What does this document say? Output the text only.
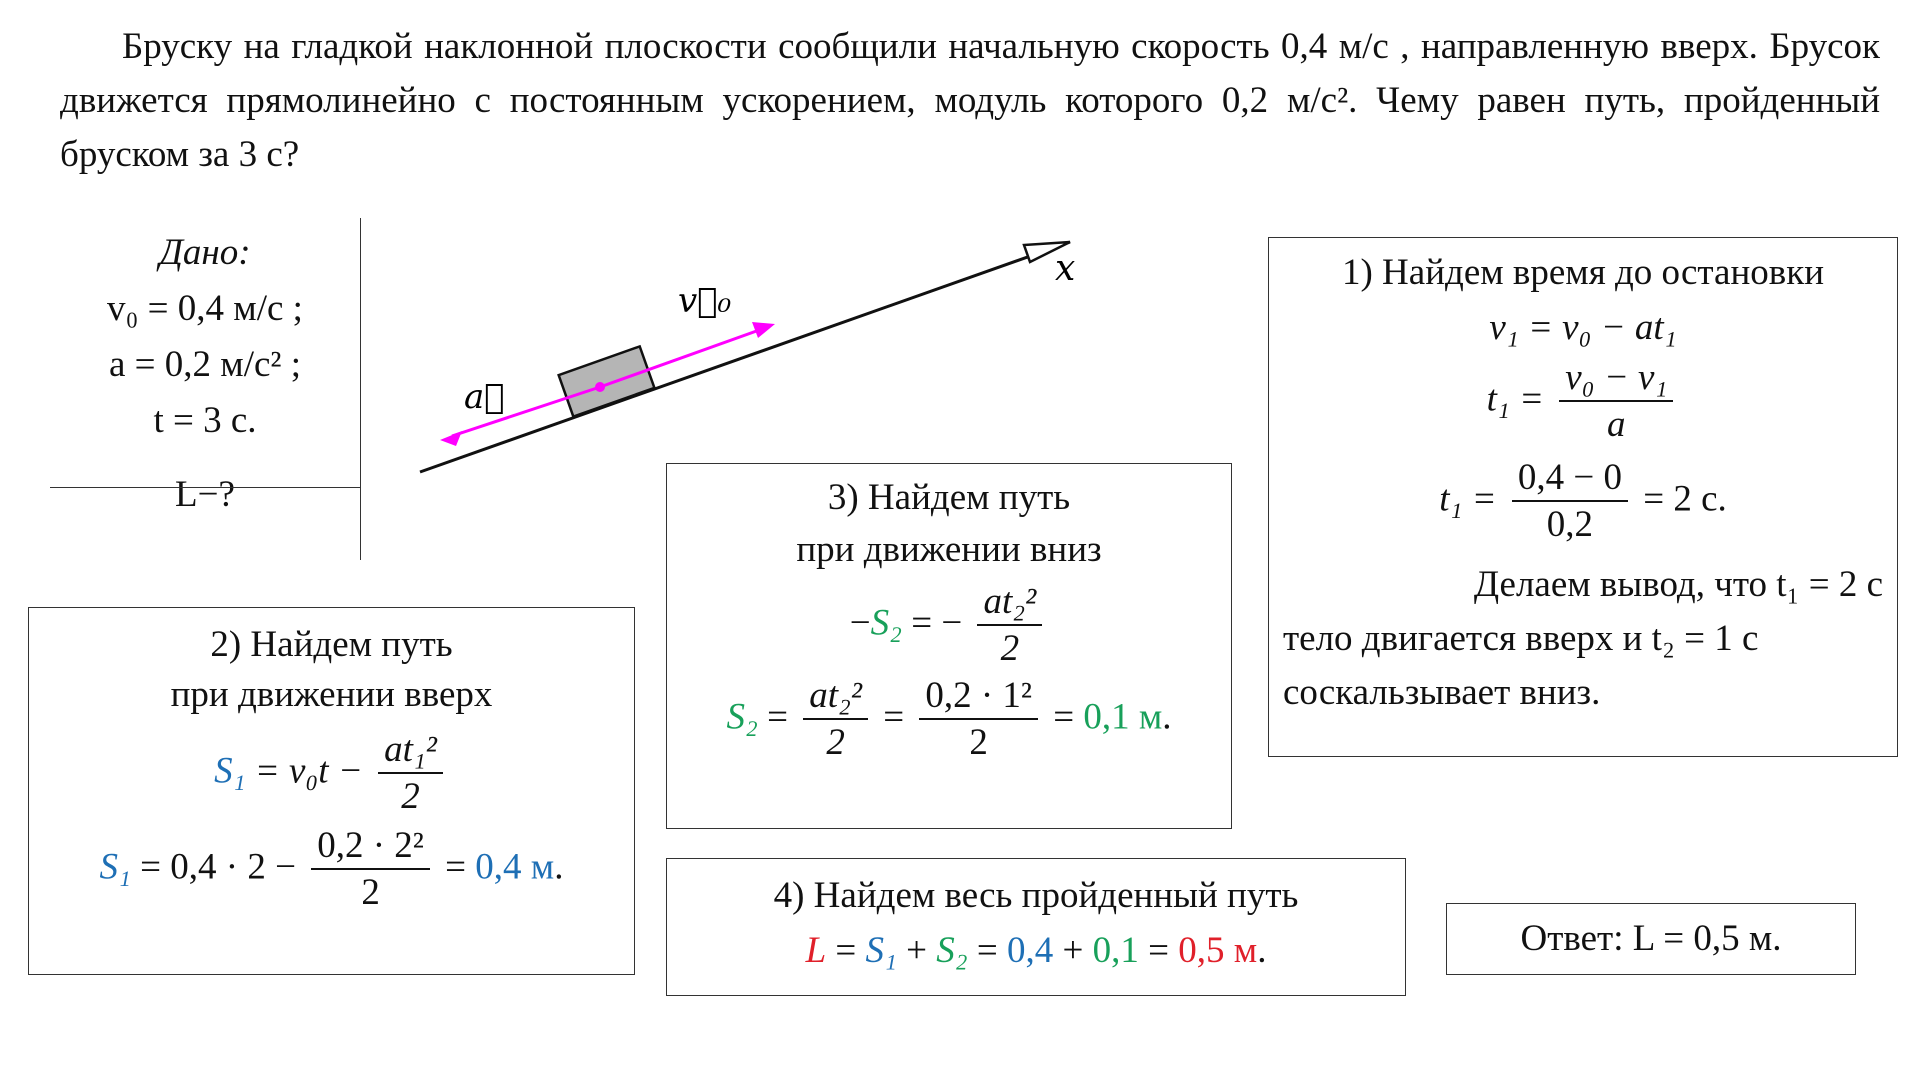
Бруску на гладкой наклонной плоскости сообщили начальную скорость 0,4 м/с , направленную вверх. Брусок движется прямолинейно с постоянным ускорением, модуль которого 0,2 м/с². Чему равен путь, пройденный бруском за 3 с?
Дано:
v₀ = 0,4 м/с ;
a = 0,2 м/с² ;
t = 3 с.
L−?
x
v⃗₀
a⃗
1) Найдем время до остановки
v₁ = v₀ − at₁
$t_1 = \frac{\text{v₀ − v₁}}{a}$
$t_1 = \frac{0,4 - 0}{0,2} = 2$ с.
Делаем вывод, что t₁ = 2 с
тело двигается вверх и t₂ = 1 с
соскальзывает вниз.
2) Найдем путь
при движении вверх
$S_1 = v_0t - \frac{\text{at₁²}}{2}$
$S_1 = 0,4 \cdot 2 - \frac{\text{0,2 · 2²}}{2} = 0,4$ м.
3) Найдем путь
при движении вниз
−S₂ = − $\frac{\text{at₂²}}{2}$
$S_2 = \frac{\text{at₂²}}{2} = \frac{\text{0,2 · 1²}}{2} = 0,1$ м.
4) Найдем весь пройденный путь
L = S₁ + S₂ = 0,4 + 0,1 = 0,5 м.	Ответ: L = 0,5 м.
